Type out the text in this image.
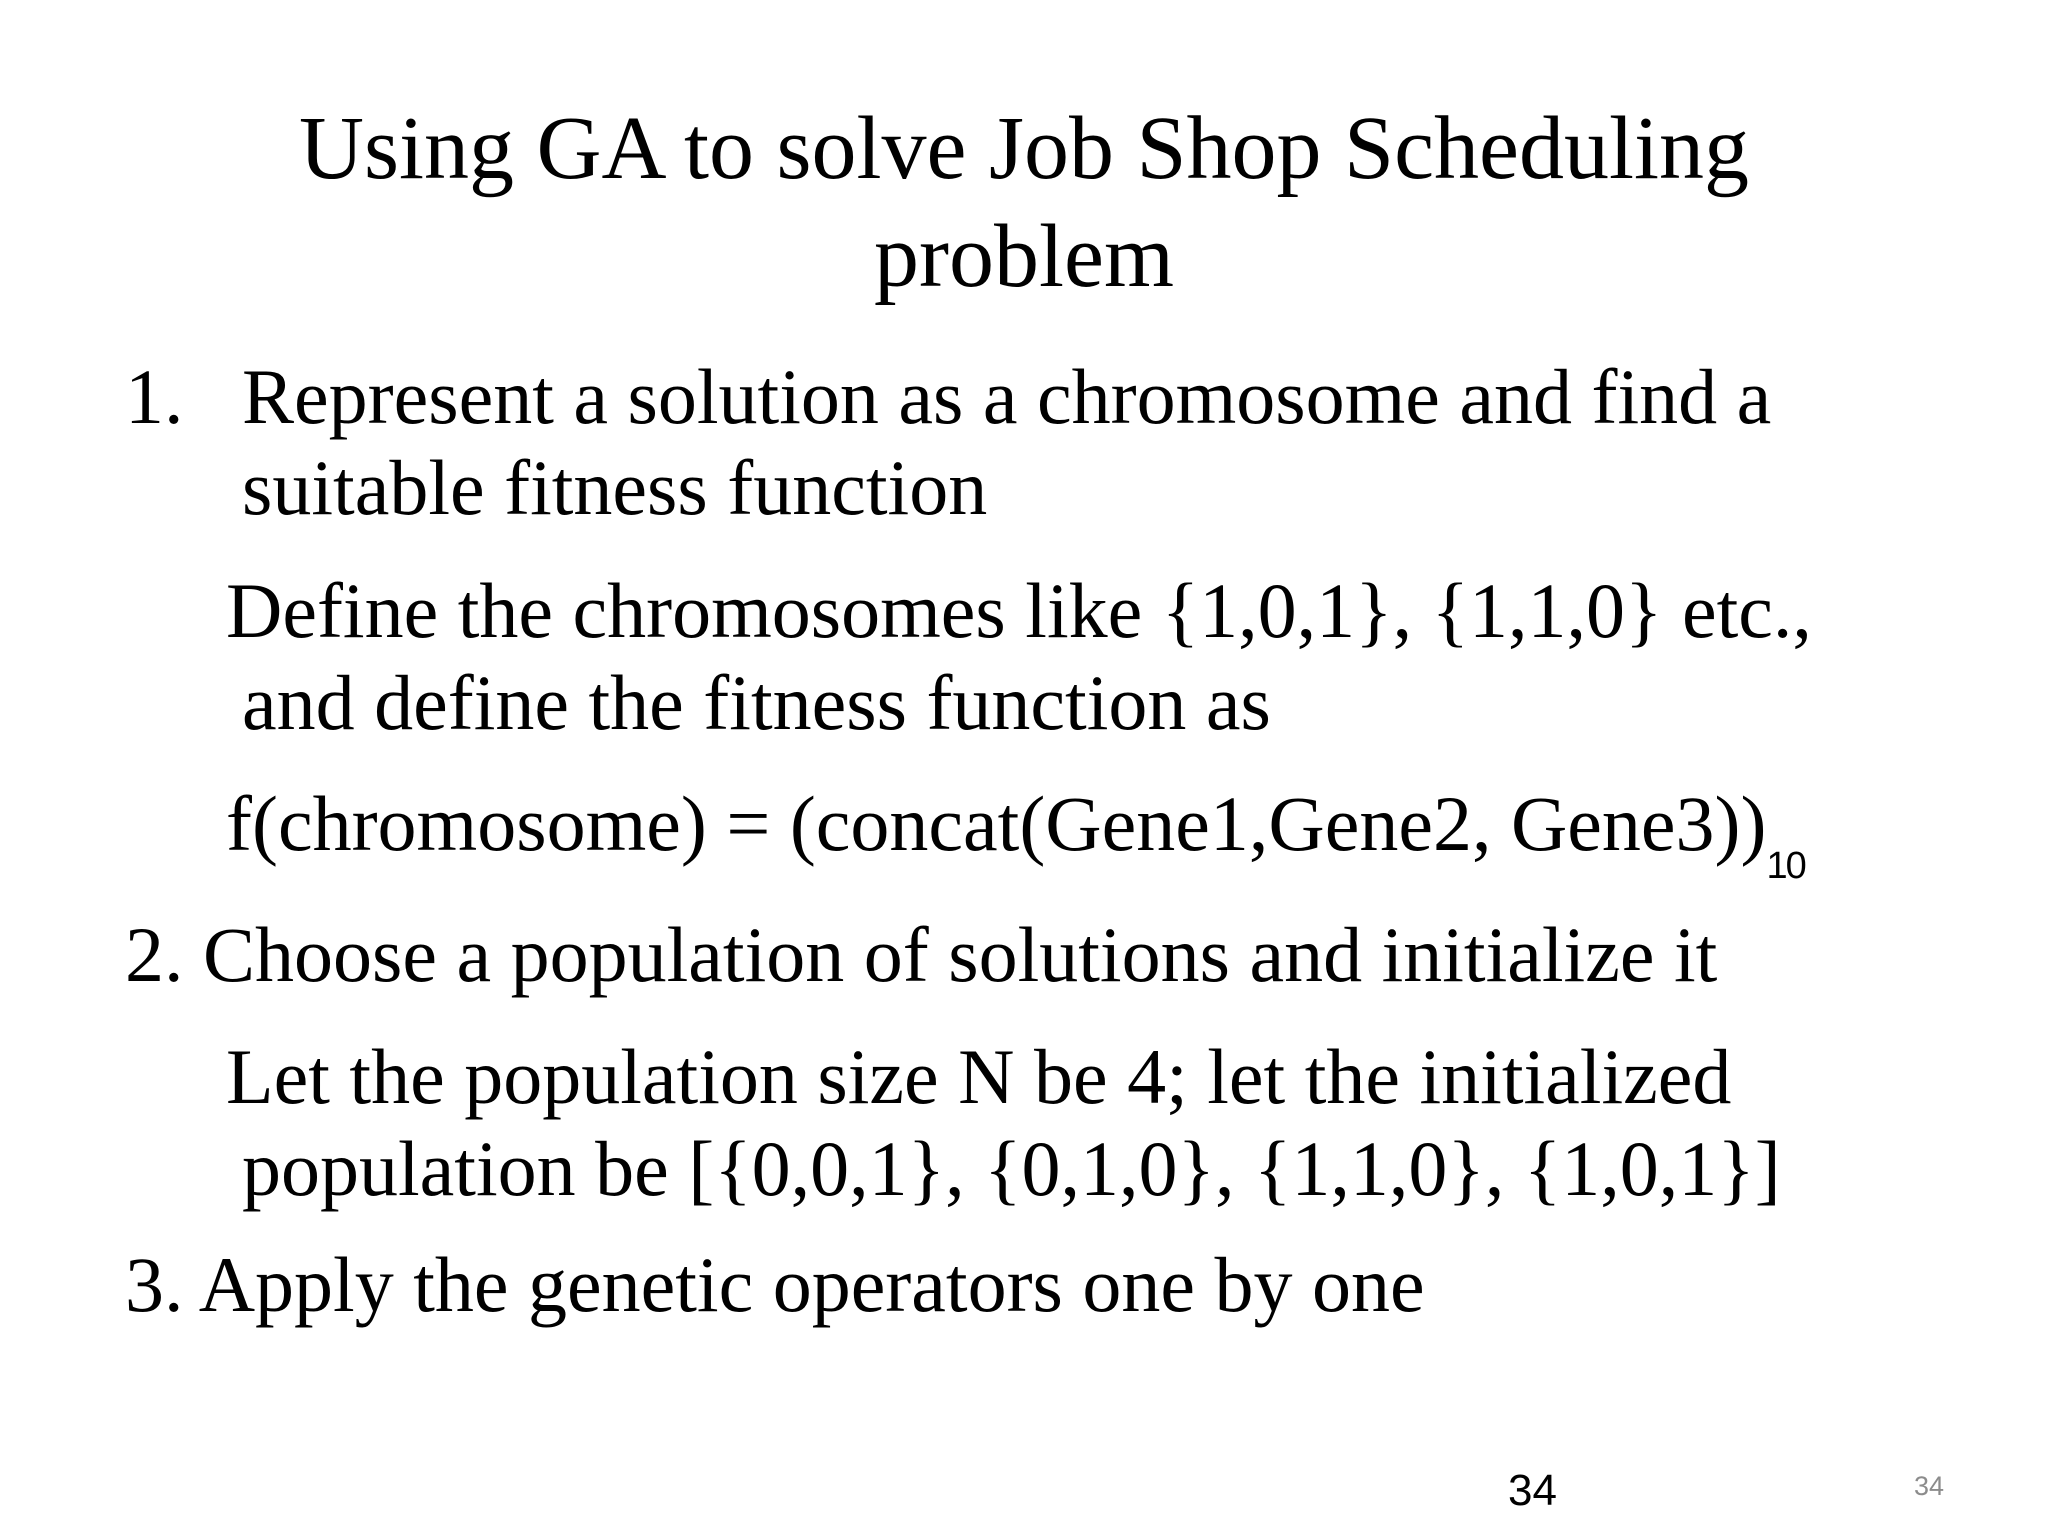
Using GA to solve Job Shop Scheduling
problem
1. Represent a solution as a chromosome and find a
suitable fitness function
Define the chromosomes like {1,0,1}, {1,1,0} etc.,
and define the fitness function as
f(chromosome) = (concat(Gene1,Gene2, $Gene3))_{10}$
2. Choose a population of solutions and initialize it
Let the population size N be 4; let the initialized
population be [{0,0,1}, {0,1,0}, {1,1,0}, {1,0,1}]
3. Apply the genetic operators one by one
34	34
